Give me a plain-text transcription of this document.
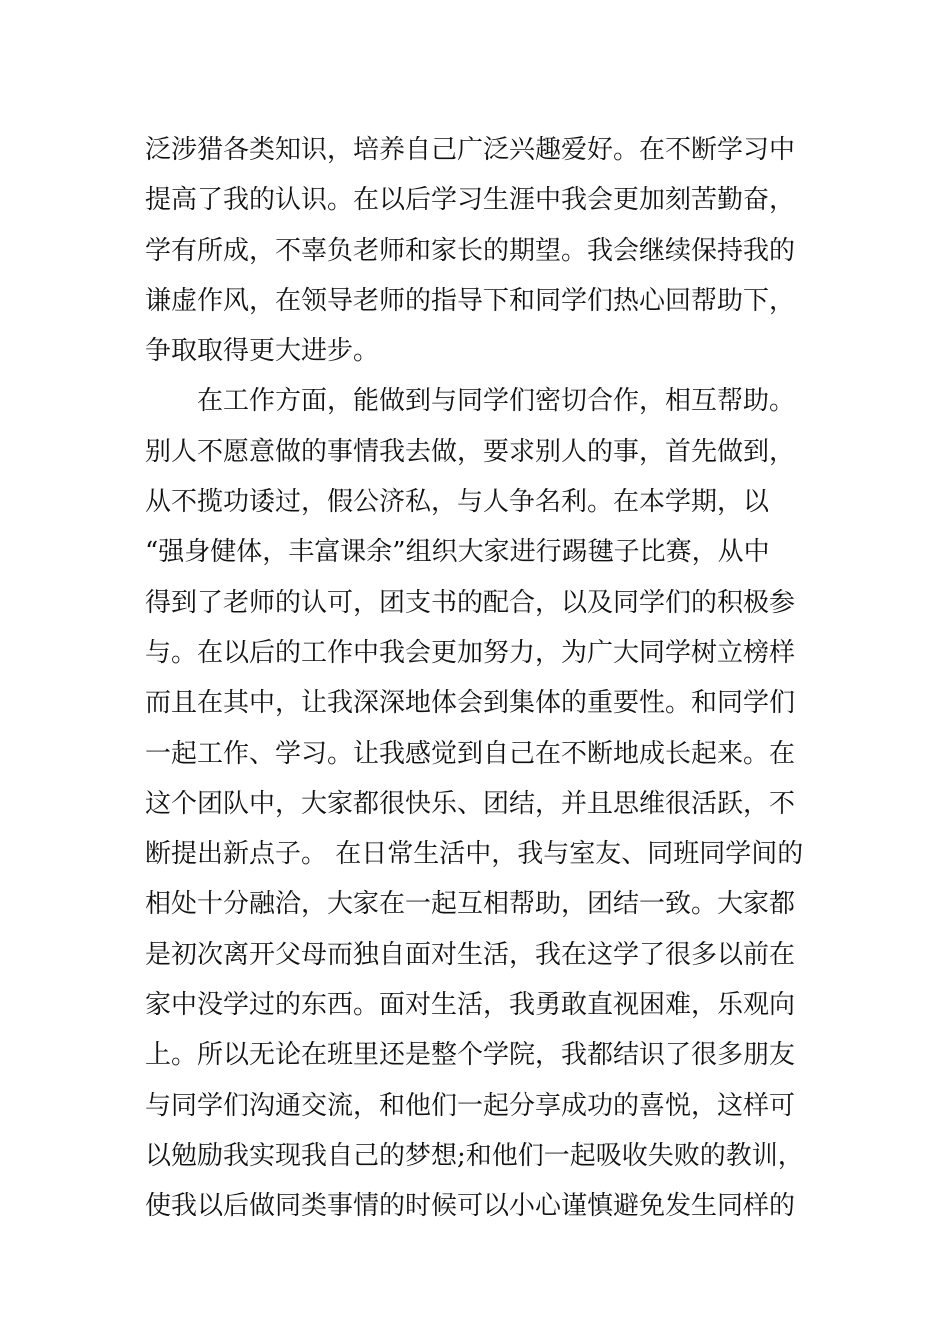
泛涉猎各类知识，培养自己广泛兴趣爱好。在不断学习中
提高了我的认识。在以后学习生涯中我会更加刻苦勤奋，
学有所成，不辜负老师和家长的期望。我会继续保持我的
谦虚作风，在领导老师的指导下和同学们热心回帮助下，
争取取得更大进步。
在工作方面，能做到与同学们密切合作，相互帮助。
别人不愿意做的事情我去做，要求别人的事，首先做到，
从不揽功诿过，假公济私，与人争名利。在本学期，以
“强身健体，丰富课余”组织大家进行踢毽子比赛，从中
得到了老师的认可，团支书的配合，以及同学们的积极参
与。在以后的工作中我会更加努力，为广大同学树立榜样
而且在其中，让我深深地体会到集体的重要性。和同学们
一起工作、学习。让我感觉到自己在不断地成长起来。在
这个团队中，大家都很快乐、团结，并且思维很活跃，不
断提出新点子。 在日常生活中，我与室友、同班同学间的
相处十分融洽，大家在一起互相帮助，团结一致。大家都
是初次离开父母而独自面对生活，我在这学了很多以前在
家中没学过的东西。面对生活，我勇敢直视困难，乐观向
上。所以无论在班里还是整个学院，我都结识了很多朋友
与同学们沟通交流，和他们一起分享成功的喜悦，这样可
以勉励我实现我自己的梦想;和他们一起吸收失败的教训，
使我以后做同类事情的时候可以小心谨慎避免发生同样的
